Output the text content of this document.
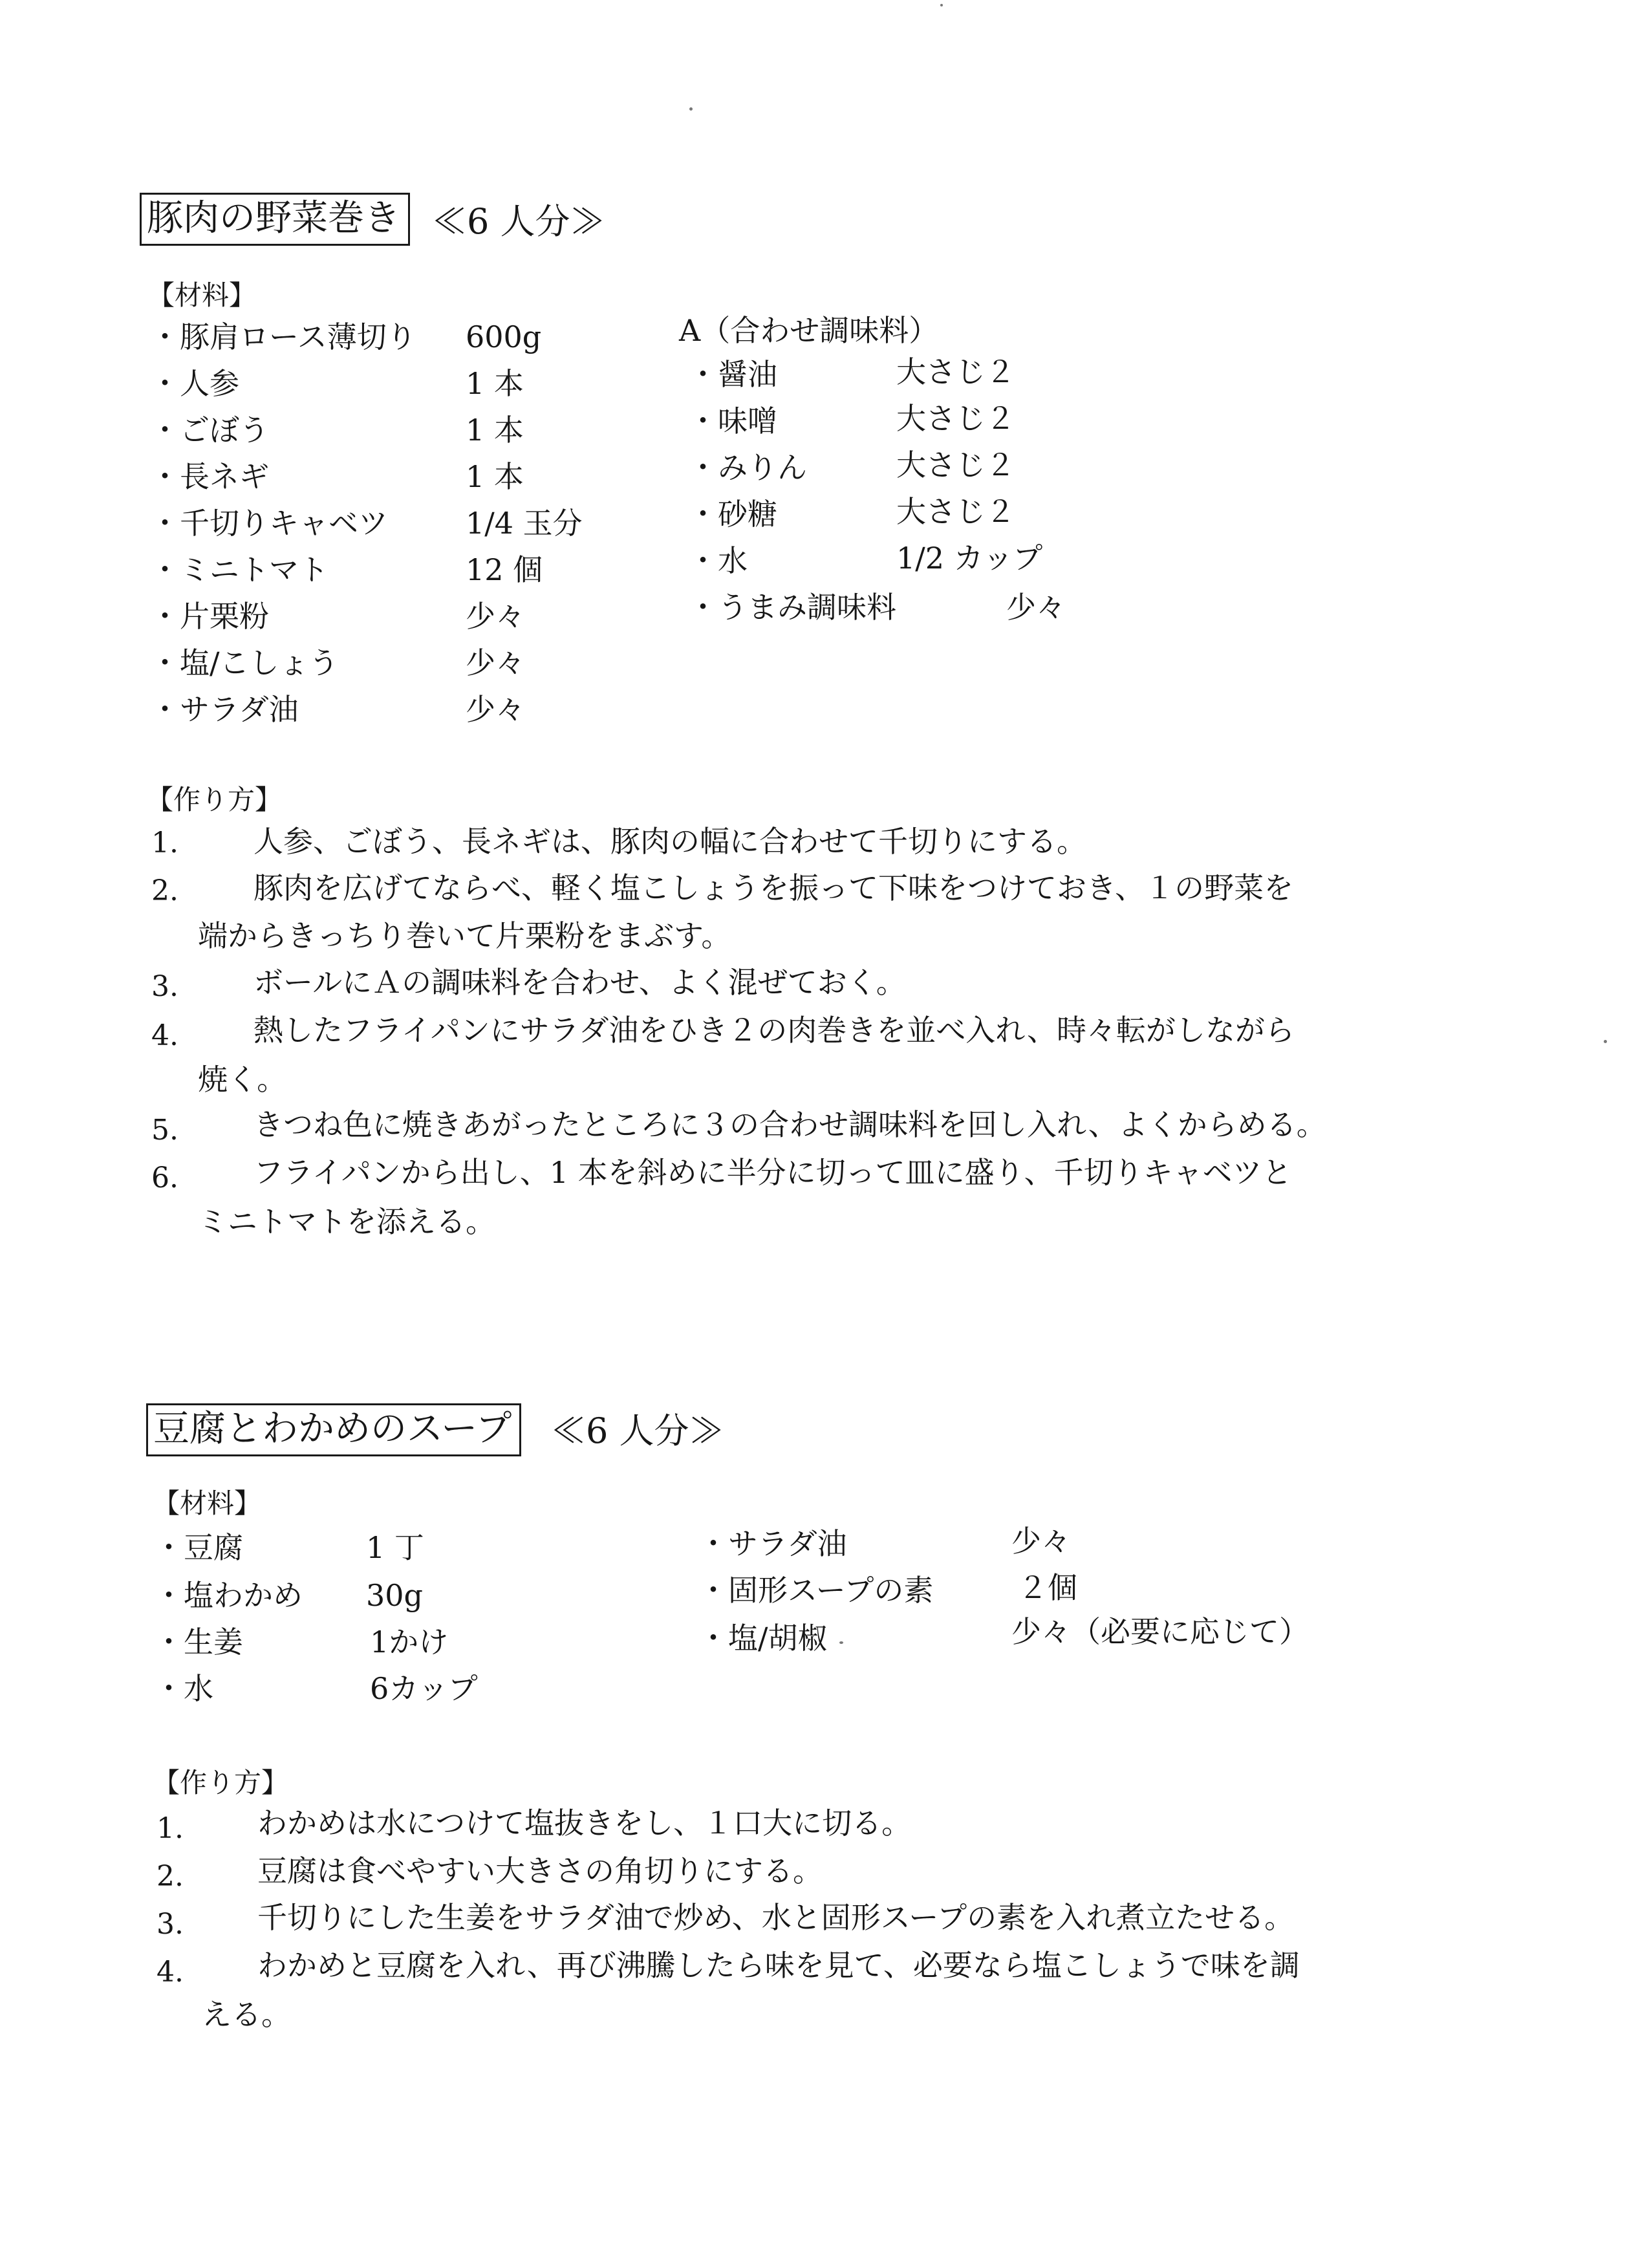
豚肉の野菜巻き ≪6 人分≫
【材料】
・豚肩ロース薄切り 600g
・人参	1 本
・ごぼう	1 本
・長ネギ	1 本
・千切りキャベツ	1/4 玉分
・ミニトマト	12 個
・片栗粉	少々
・塩/こしょう	少々
・サラダ油	少々
A（合わせ調味料）
・醤油	大さじ２
・味噌	大さじ２
・みりん	大さじ２
・砂糖	大さじ２
・水	1/2 カップ
・うまみ調味料	少々
【作り方】
1.	人参、ごぼう、長ネギは、豚肉の幅に合わせて千切りにする。
2.	豚肉を広げてならべ、軽く塩こしょうを振って下味をつけておき、１の野菜を
端からきっちり巻いて片栗粉をまぶす。
3.	ボールにＡの調味料を合わせ、よく混ぜておく。
4.	熱したフライパンにサラダ油をひき２の肉巻きを並べ入れ、時々転がしながら
焼く。
5.	きつね色に焼きあがったところに３の合わせ調味料を回し入れ、よくからめる。
6.	フライパンから出し、1 本を斜めに半分に切って皿に盛り、千切りキャベツと
ミニトマトを添える。
豆腐とわかめのスープ ≪6 人分≫
【材料】
・豆腐	1 丁
・塩わかめ 30g
・生姜	1かけ
・水	6カップ
・サラダ油	少々
・固形スープの素	２個
・塩/胡椒	少々（必要に応じて）
【作り方】
1. わかめは水につけて塩抜きをし、１口大に切る。
2. 豆腐は食べやすい大きさの角切りにする。
3. 千切りにした生姜をサラダ油で炒め、水と固形スープの素を入れ煮立たせる。
4. わかめと豆腐を入れ、再び沸騰したら味を見て、必要なら塩こしょうで味を調
える。
